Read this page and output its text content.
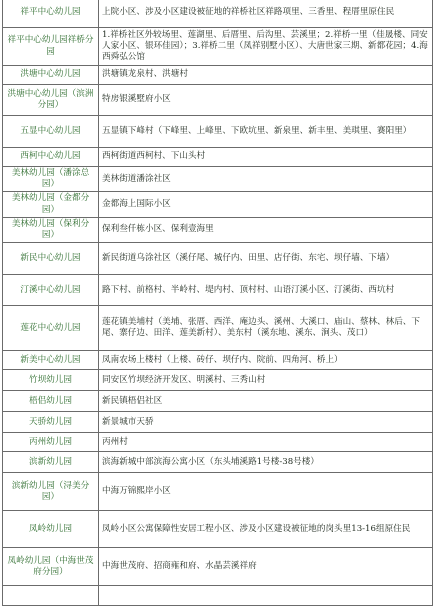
祥平中心幼儿园	上院小区、涉及小区建设被征地的祥桥社区祥路项里、三香里、程厝里原住民
祥平中心幼儿园祥桥分园	1.祥桥社区外较场里、莲湖里、后厝里、后沟里、芸溪里；2.祥桥一里（佳晟楼、同安人家小区、银环佳园）；3.祥桥二里（凤祥别墅小区）、大唐世家三期、新都花园；4.海西舜弘公馆
洪塘中心幼儿园	洪塘镇龙泉村、洪塘村
洪塘中心幼儿园（滨洲分园）	特房银溪墅府小区
五显中心幼儿园	五显镇下峰村（下峰里、上峰里、下欧坑里、新泉里、新丰里、美琪里、赛阳里）
西柯中心幼儿园	西柯街道西柯村、下山头村
美林幼儿园（潘涂总园）	美林街道潘涂社区
美林幼儿园（金都分园）	金都海上国际小区
美林幼儿园（保利分园）	保利叁仟栋小区、保利壹海里
新民中心幼儿园	新民街道乌涂社区（溪仔尾、城仔内、田里、店仔街、东宅、坝仔墙、下墙）
汀溪中心幼儿园	路下村、前格村、半岭村、堤内村、顶村村、山语汀溪小区、汀溪街、西坑村
莲花中心幼儿园	莲花镇美埔村（美埔、张厝、西洋、庵边头、溪州、大溪口、庙山、蔡林、林后、下尾、寨仔边、田洋、莲美新村）、美东村（溪东地、溪东、涧头、茂口）
新美中心幼儿园	凤南农场上楼村（上楼、砖仔、坝仔内、院前、四角河、桥上）
竹坝幼儿园	同安区竹坝经济开发区、明溪村、三秀山村
梧侣幼儿园	新民镇梧侣社区
天骄幼儿园	新景城市天骄
丙州幼儿园	丙州村
滨新幼儿园	滨海新城中部滨海公寓小区（东头埔溪路1号楼-38号楼）
滨新幼儿园（浔美分园）	中海万锦熙岸小区
凤岭幼儿园	凤岭小区公寓保障性安居工程小区、涉及小区建设被征地的岗头里13-16组原住民
凤岭幼儿园（中海世茂府分园）	中海世茂府、招商雍和府、水晶芸溪祥府
